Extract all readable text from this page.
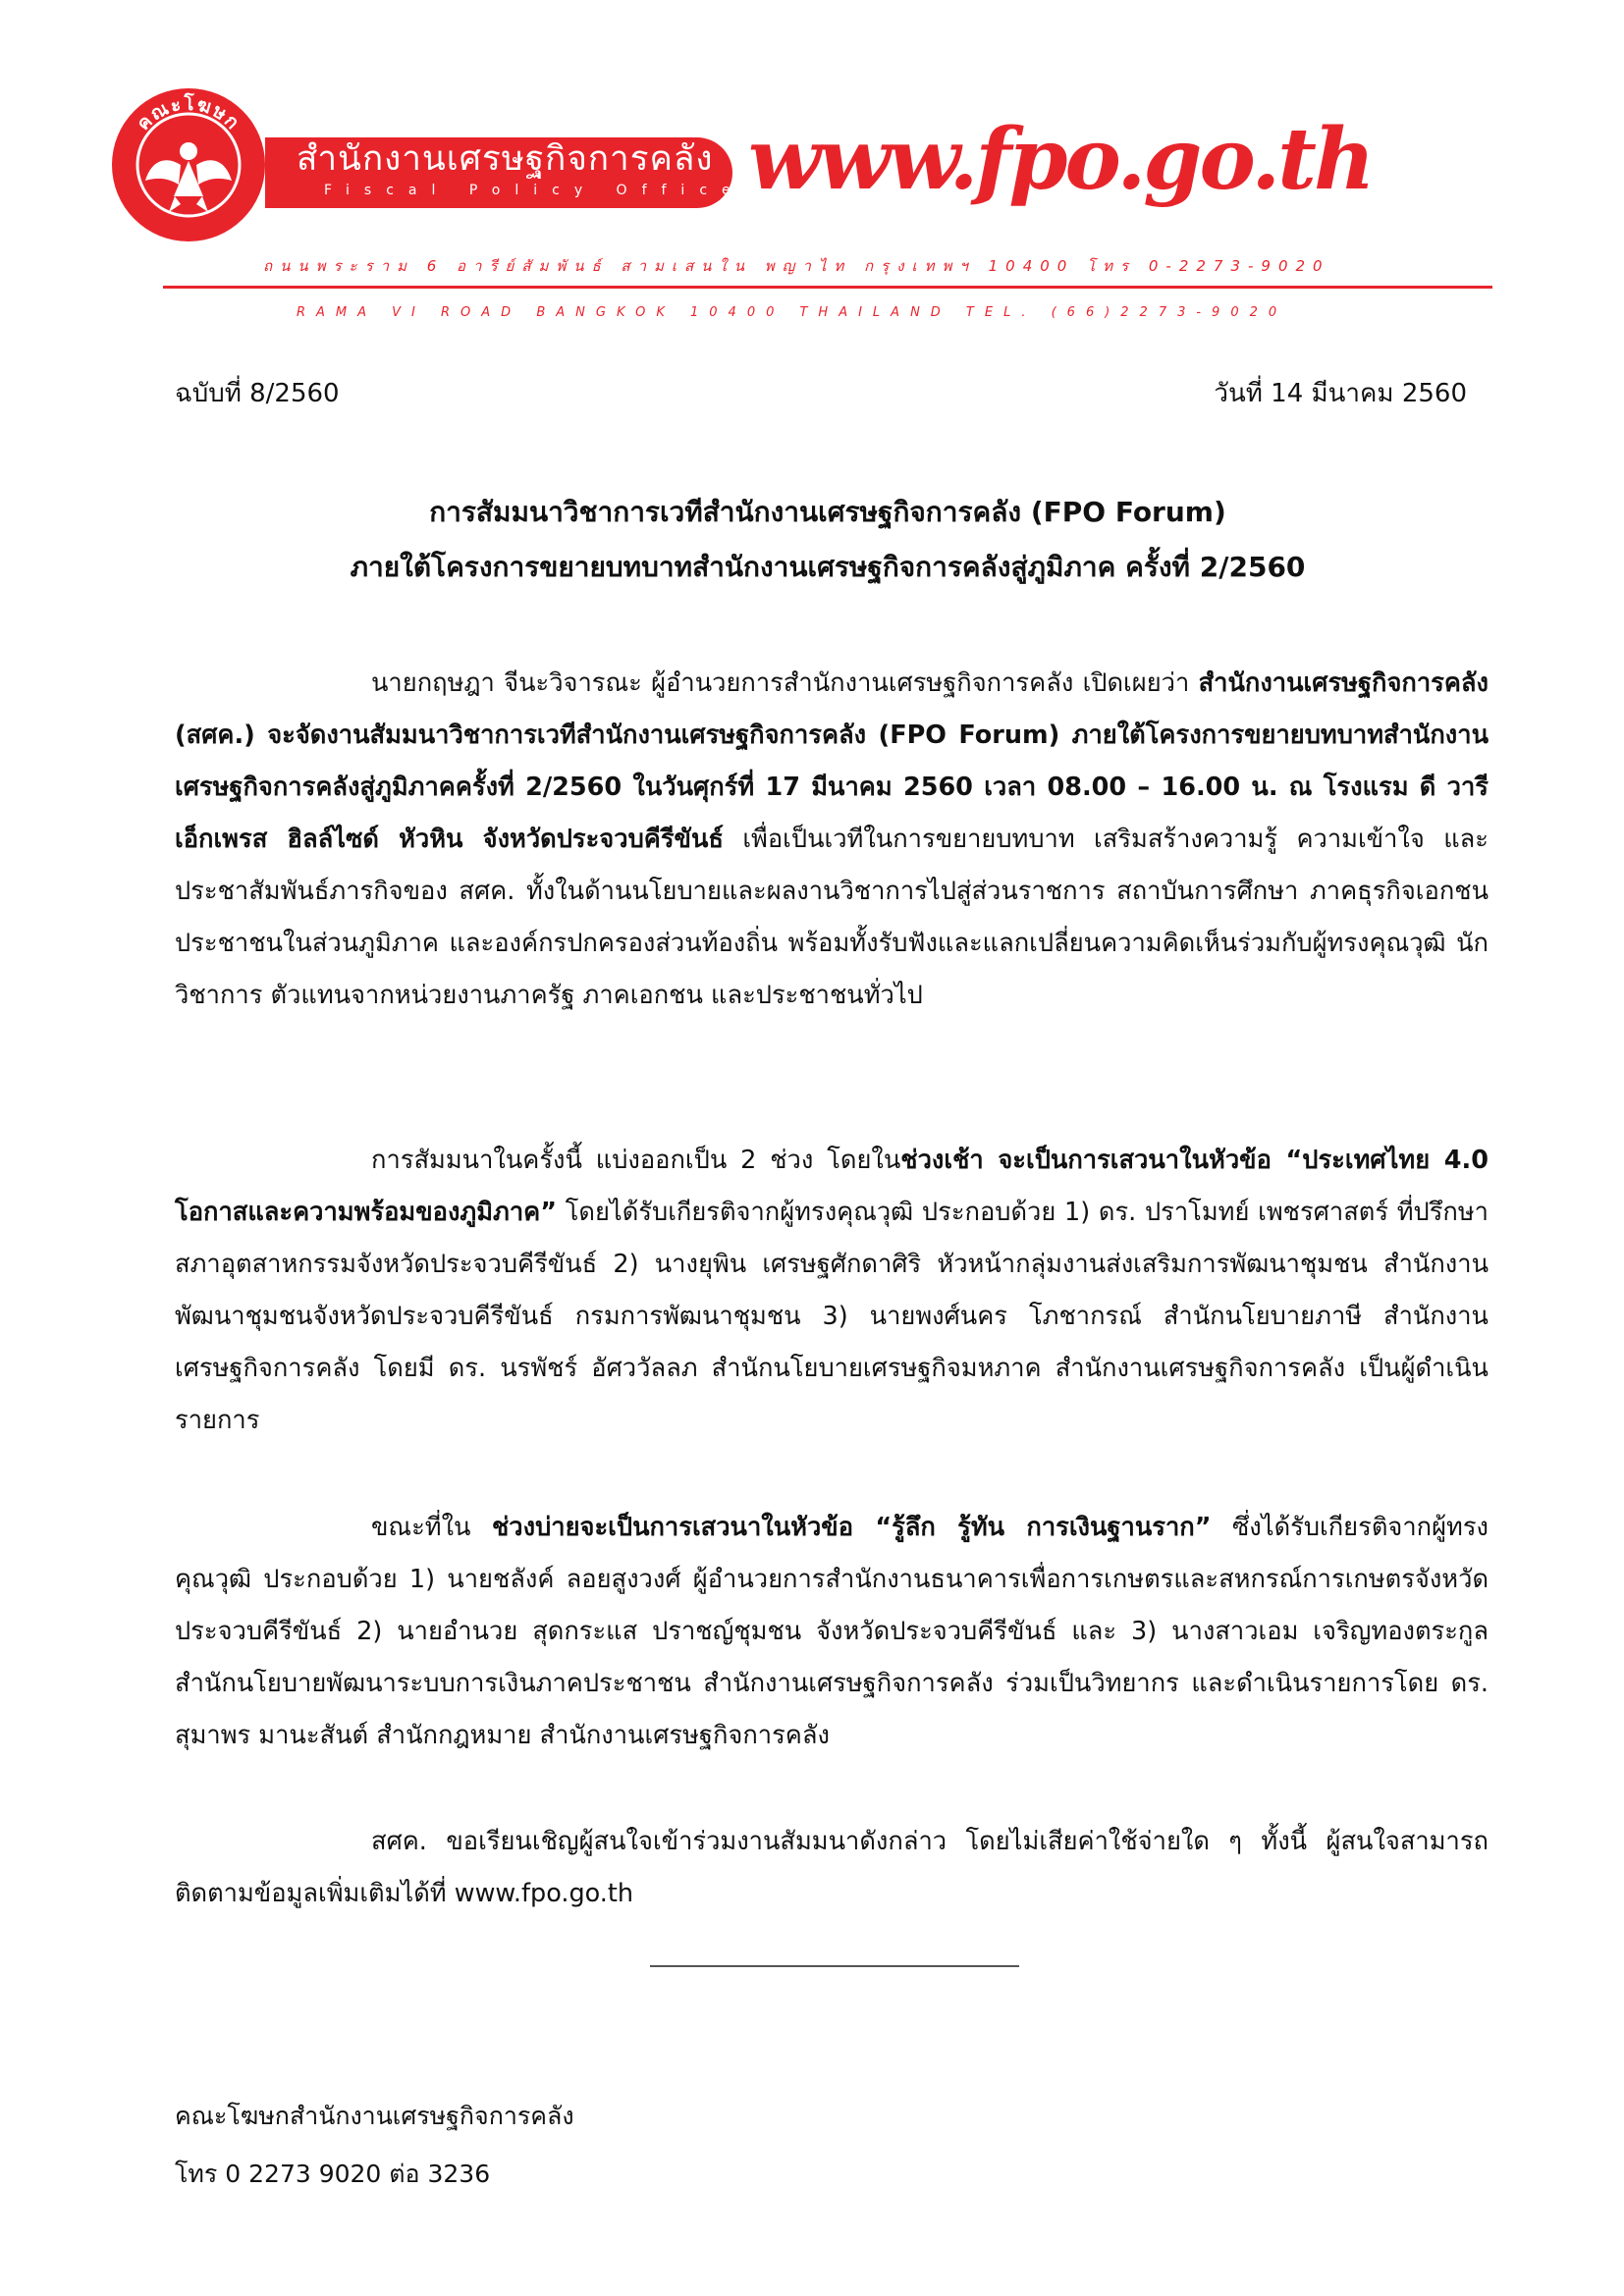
คณะโฆษก
สำนักงานเศรษฐกิจการคลัง
Fiscal Policy Office www.fpo.go.th
ถนนพระราม 6 อารีย์สัมพันธ์ สามเสนใน พญาไท กรุงเทพฯ 10400 โทร 0-2273-9020
RAMA VI ROAD BANGKOK 10400 THAILAND TEL. (66)2273-9020
ฉบับที่ 8/2560	วันที่ 14 มีนาคม 2560
การสัมมนาวิชาการเวทีสำนักงานเศรษฐกิจการคลัง (FPO Forum)
ภายใต้โครงการขยายบทบาทสำนักงานเศรษฐกิจการคลังสู่ภูมิภาค ครั้งที่ 2/2560

นายกฤษฎา จีนะวิจารณะ ผู้อำนวยการสำนักงานเศรษฐกิจการคลัง เปิดเผยว่า สำนักงานเศรษฐกิจการคลัง (สศค.) จะจัดงานสัมมนาวิชาการเวทีสำนักงานเศรษฐกิจการคลัง (FPO Forum) ภายใต้โครงการขยายบทบาทสำนักงานเศรษฐกิจการคลังสู่ภูมิภาคครั้งที่ 2/2560 ในวันศุกร์ที่ 17 มีนาคม 2560 เวลา 08.00 – 16.00 น. ณ โรงแรม ดี วารี เอ็กเพรส ฮิลล์ไซด์ หัวหิน จังหวัดประจวบคีรีขันธ์ เพื่อเป็นเวทีในการขยายบทบาท เสริมสร้างความรู้ ความเข้าใจ และประชาสัมพันธ์ภารกิจของ สศค. ทั้งในด้านนโยบายและผลงานวิชาการไปสู่ส่วนราชการ สถาบันการศึกษา ภาคธุรกิจเอกชน ประชาชนในส่วนภูมิภาค และองค์กรปกครองส่วนท้องถิ่น พร้อมทั้งรับฟังและแลกเปลี่ยนความคิดเห็นร่วมกับผู้ทรงคุณวุฒิ นักวิชาการ ตัวแทนจากหน่วยงานภาครัฐ ภาคเอกชน และประชาชนทั่วไป

การสัมมนาในครั้งนี้ แบ่งออกเป็น 2 ช่วง โดยในช่วงเช้า จะเป็นการเสวนาในหัวข้อ “ประเทศไทย 4.0 โอกาสและความพร้อมของภูมิภาค” โดยได้รับเกียรติจากผู้ทรงคุณวุฒิ ประกอบด้วย 1) ดร. ปราโมทย์ เพชรศาสตร์ ที่ปรึกษาสภาอุตสาหกรรมจังหวัดประจวบคีรีขันธ์ 2) นางยุพิน เศรษฐศักดาศิริ หัวหน้ากลุ่มงานส่งเสริมการพัฒนาชุมชน สำนักงานพัฒนาชุมชนจังหวัดประจวบคีรีขันธ์ กรมการพัฒนาชุมชน 3) นายพงศ์นคร โภชากรณ์ สำนักนโยบายภาษี สำนักงานเศรษฐกิจการคลัง โดยมี ดร. นรพัชร์ อัศววัลลภ สำนักนโยบายเศรษฐกิจมหภาค สำนักงานเศรษฐกิจการคลัง เป็นผู้ดำเนินรายการ

ขณะที่ใน ช่วงบ่ายจะเป็นการเสวนาในหัวข้อ “รู้ลึก รู้ทัน การเงินฐานราก” ซึ่งได้รับเกียรติจากผู้ทรงคุณวุฒิ ประกอบด้วย 1) นายชลังค์ ลอยสูงวงศ์ ผู้อำนวยการสำนักงานธนาคารเพื่อการเกษตรและสหกรณ์การเกษตรจังหวัดประจวบคีรีขันธ์ 2) นายอำนวย สุดกระแส ปราชญ์ชุมชน จังหวัดประจวบคีรีขันธ์ และ 3) นางสาวเอม เจริญทองตระกูล สำนักนโยบายพัฒนาระบบการเงินภาคประชาชน สำนักงานเศรษฐกิจการคลัง ร่วมเป็นวิทยากร และดำเนินรายการโดย ดร. สุมาพร มานะสันต์ สำนักกฎหมาย สำนักงานเศรษฐกิจการคลัง

สศค. ขอเรียนเชิญผู้สนใจเข้าร่วมงานสัมมนาดังกล่าว โดยไม่เสียค่าใช้จ่ายใด ๆ ทั้งนี้ ผู้สนใจสามารถติดตามข้อมูลเพิ่มเติมได้ที่ www.fpo.go.th

คณะโฆษกสำนักงานเศรษฐกิจการคลัง
โทร 0 2273 9020 ต่อ 3236
